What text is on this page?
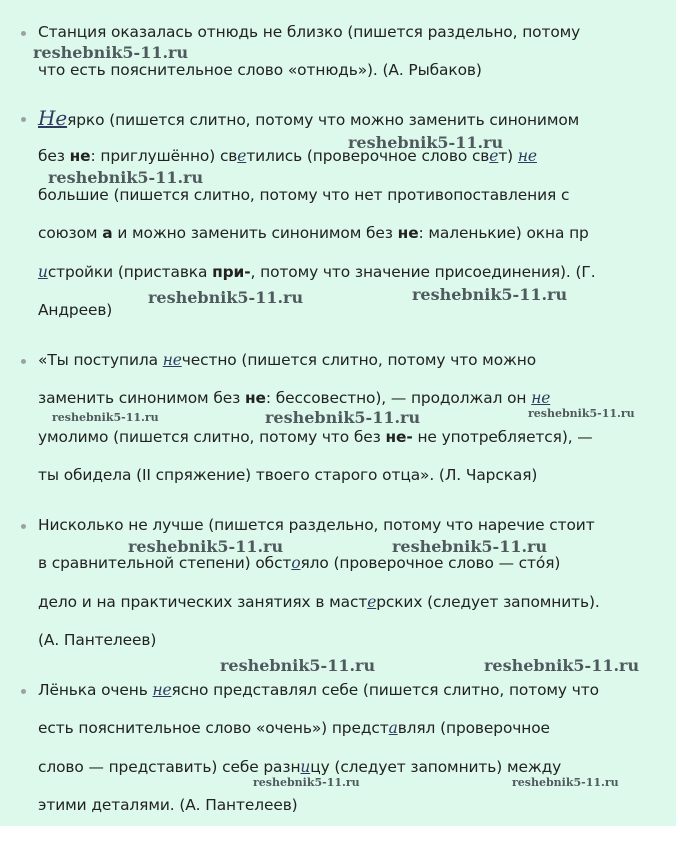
Станция оказалась отнюдь не близко (пишется раздельно, потому
что есть пояснительное слово «отнюдь»). (А. Рыбаков)
Неярко (пишется слитно, потому что можно заменить синонимом
без не: приглушённо) светились (проверочное слово свет) не
большие (пишется слитно, потому что нет противопоставления с
союзом а и можно заменить синонимом без не: маленькие) окна пр
истройки (приставка при-, потому что значение присоединения). (Г.
Андреев)
«Ты поступила нечестно (пишется слитно, потому что можно
заменить синонимом без не: бессовестно), — продолжал он не
умолимо (пишется слитно, потому что без не- не употребляется), —
ты обидела (II спряжение) твоего старого отца». (Л. Чарская)
Нисколько не лучше (пишется раздельно, потому что наречие стоит
в сравнительной степени) обстояло (проверочное слово — стóя)
дело и на практических занятиях в мастерских (следует запомнить).
(А. Пантелеев)
Лёнька очень неясно представлял себе (пишется слитно, потому что
есть пояснительное слово «очень») представлял (проверочное
слово — представить) себе разницу (следует запомнить) между
этими деталями. (А. Пантелеев)
reshebnik5-11.ru
reshebnik5-11.ru
reshebnik5-11.ru
reshebnik5-11.ru	reshebnik5-11.ru
reshebnik5-11.ru	reshebnik5-11.ru	reshebnik5-11.ru
reshebnik5-11.ru	reshebnik5-11.ru
reshebnik5-11.ru	reshebnik5-11.ru
reshebnik5-11.ru	reshebnik5-11.ru
